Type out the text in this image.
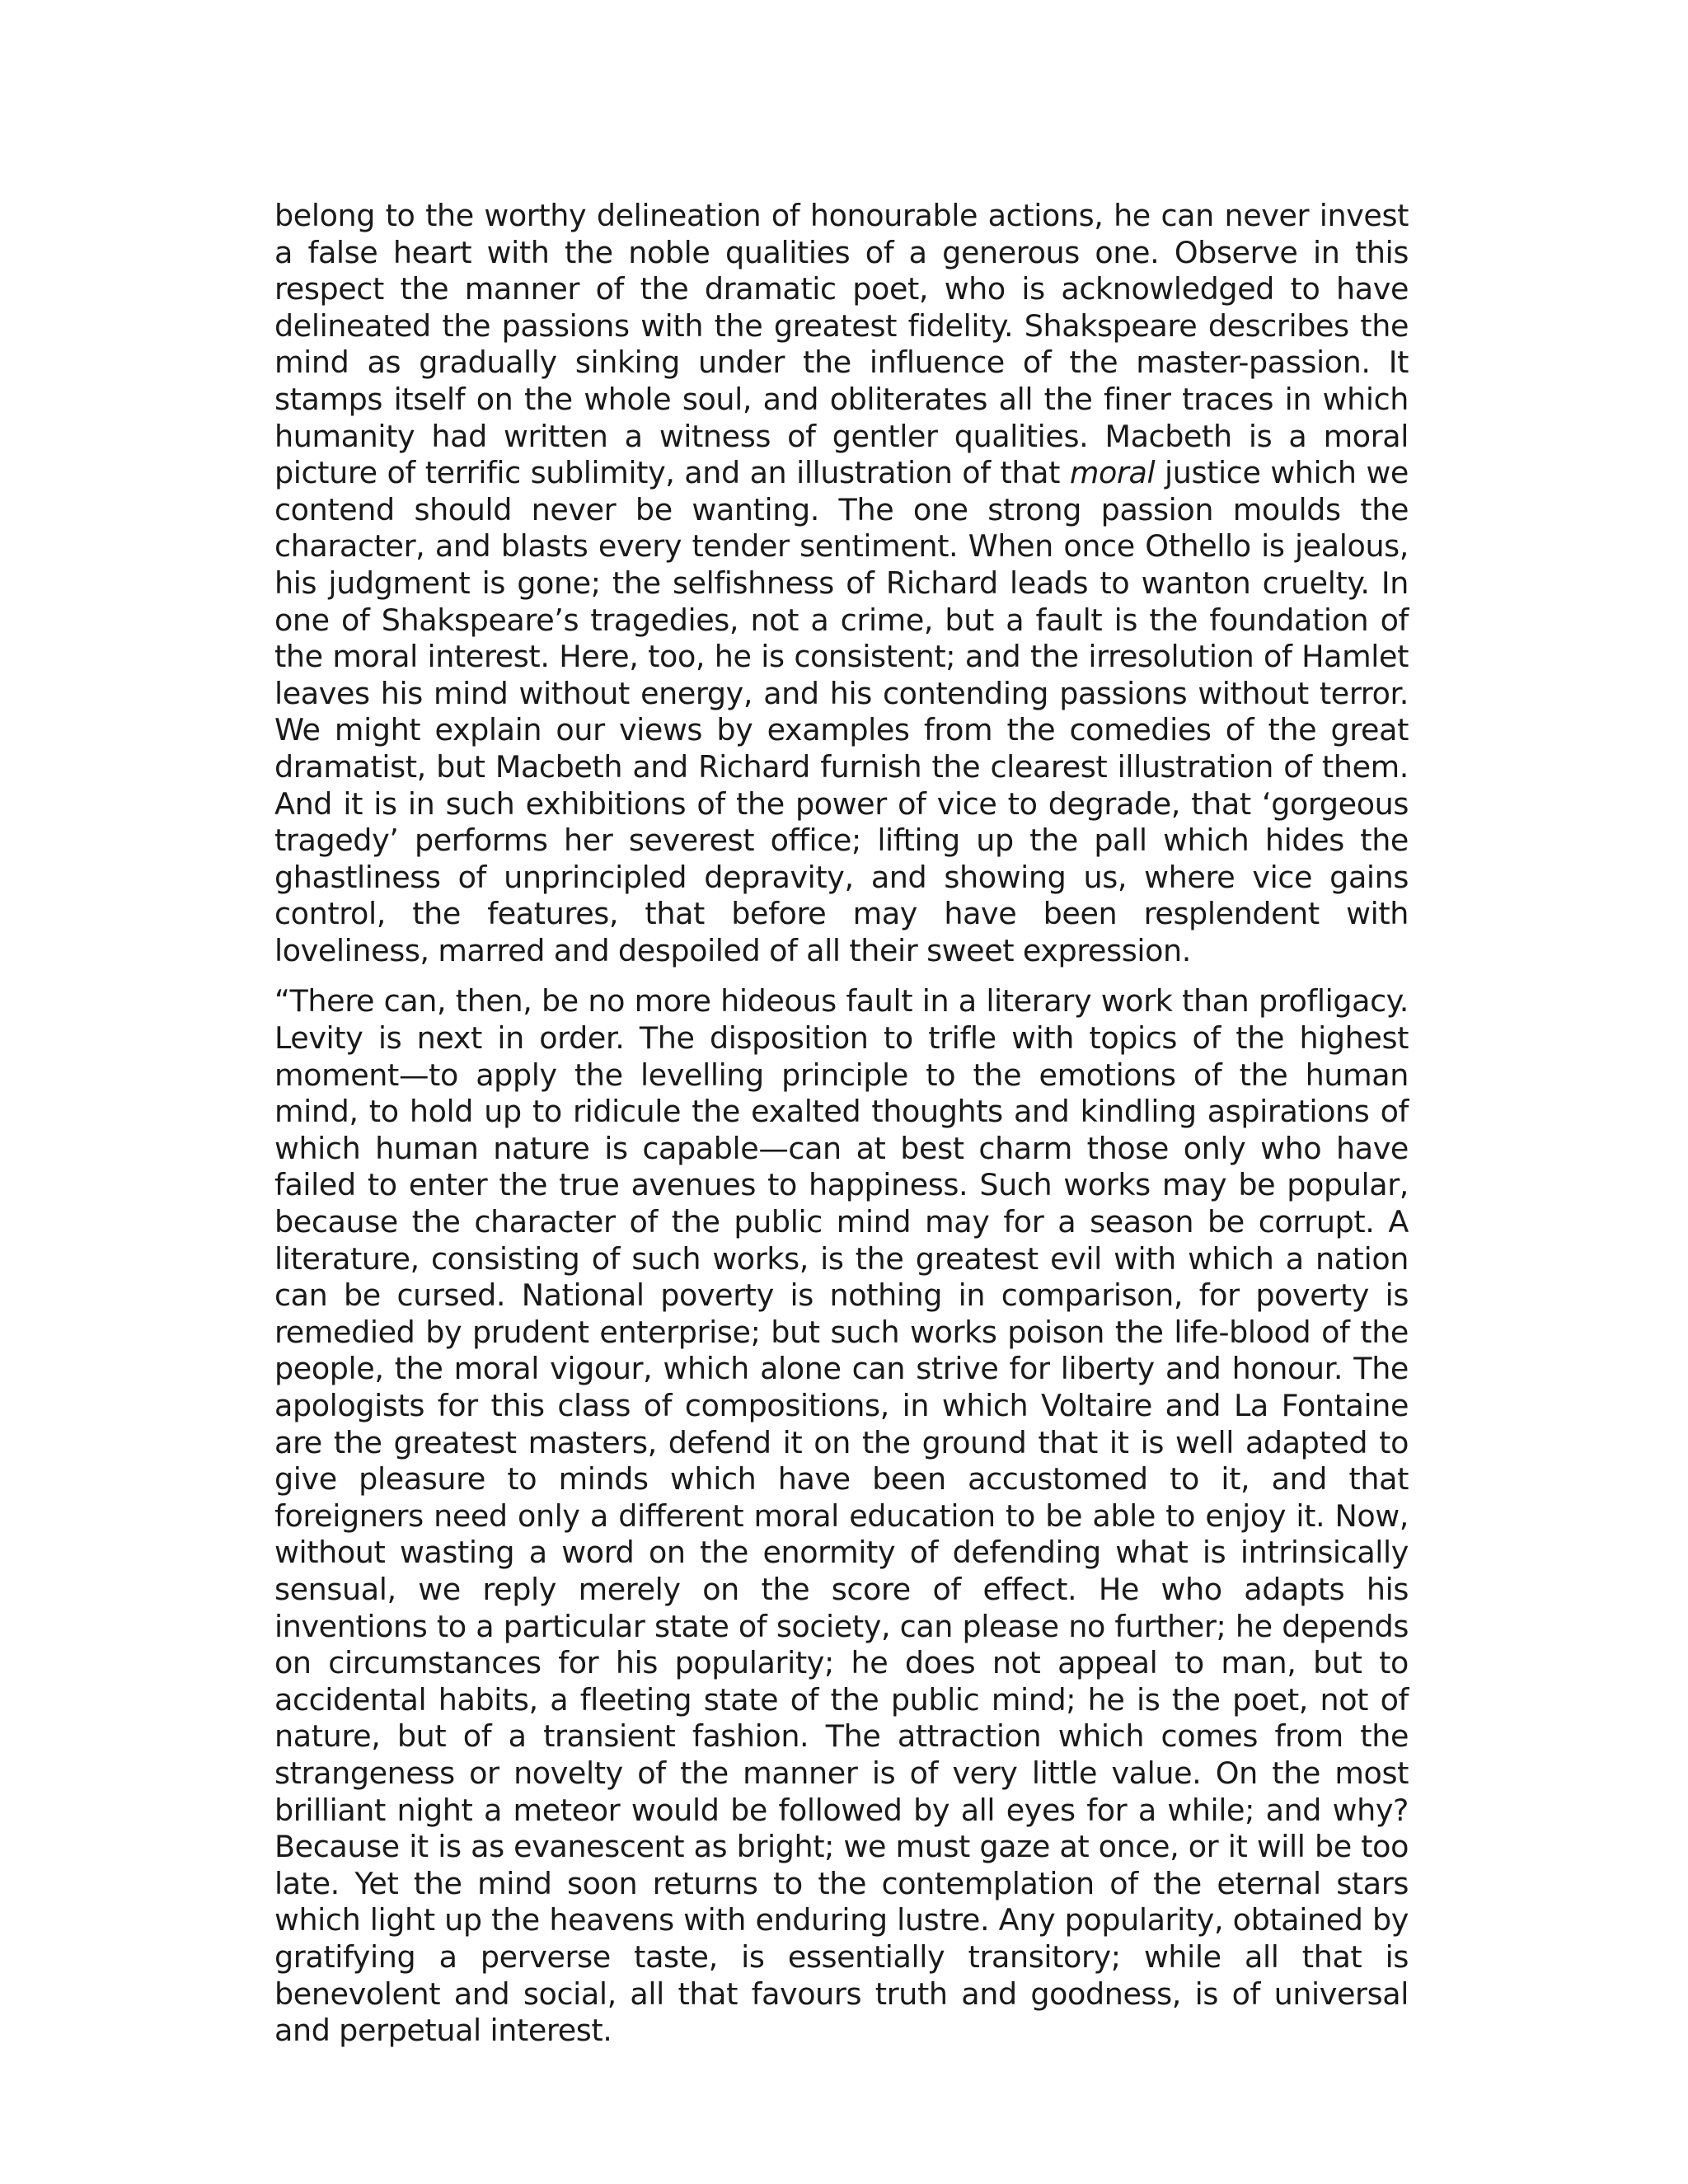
belong to the worthy delineation of honourable actions, he can never invest a false heart with the noble qualities of a generous one. Observe in this respect the manner of the dramatic poet, who is acknowledged to have delineated the passions with the greatest fidelity. Shakspeare describes the mind as gradually sinking under the influence of the master-passion. It stamps itself on the whole soul, and obliterates all the finer traces in which humanity had written a witness of gentler qualities. Macbeth is a moral picture of terrific sublimity, and an illustration of that moral justice which we contend should never be wanting. The one strong passion moulds the character, and blasts every tender sentiment. When once Othello is jealous, his judgment is gone; the selfishness of Richard leads to wanton cruelty. In one of Shakspeare’s tragedies, not a crime, but a fault is the foundation of the moral interest. Here, too, he is consistent; and the irresolution of Hamlet leaves his mind without energy, and his contending passions without terror. We might explain our views by examples from the comedies of the great dramatist, but Macbeth and Richard furnish the clearest illustration of them. And it is in such exhibitions of the power of vice to degrade, that ‘gorgeous tragedy’ performs her severest office; lifting up the pall which hides the ghastliness of unprincipled depravity, and showing us, where vice gains control, the features, that before may have been resplendent with loveliness, marred and despoiled of all their sweet expression.

“There can, then, be no more hideous fault in a literary work than profligacy. Levity is next in order. The disposition to trifle with topics of the highest moment—to apply the levelling principle to the emotions of the human mind, to hold up to ridicule the exalted thoughts and kindling aspirations of which human nature is capable—can at best charm those only who have failed to enter the true avenues to happiness. Such works may be popular, because the character of the public mind may for a season be corrupt. A literature, consisting of such works, is the greatest evil with which a nation can be cursed. National poverty is nothing in comparison, for poverty is remedied by prudent enterprise; but such works poison the life-blood of the people, the moral vigour, which alone can strive for liberty and honour. The apologists for this class of compositions, in which Voltaire and La Fontaine are the greatest masters, defend it on the ground that it is well adapted to give pleasure to minds which have been accustomed to it, and that foreigners need only a different moral education to be able to enjoy it. Now, without wasting a word on the enormity of defending what is intrinsically sensual, we reply merely on the score of effect. He who adapts his inventions to a particular state of society, can please no further; he depends on circumstances for his popularity; he does not appeal to man, but to accidental habits, a fleeting state of the public mind; he is the poet, not of nature, but of a transient fashion. The attraction which comes from the strangeness or novelty of the manner is of very little value. On the most brilliant night a meteor would be followed by all eyes for a while; and why? Because it is as evanescent as bright; we must gaze at once, or it will be too late. Yet the mind soon returns to the contemplation of the eternal stars which light up the heavens with enduring lustre. Any popularity, obtained by gratifying a perverse taste, is essentially transitory; while all that is benevolent and social, all that favours truth and goodness, is of universal and perpetual interest.
